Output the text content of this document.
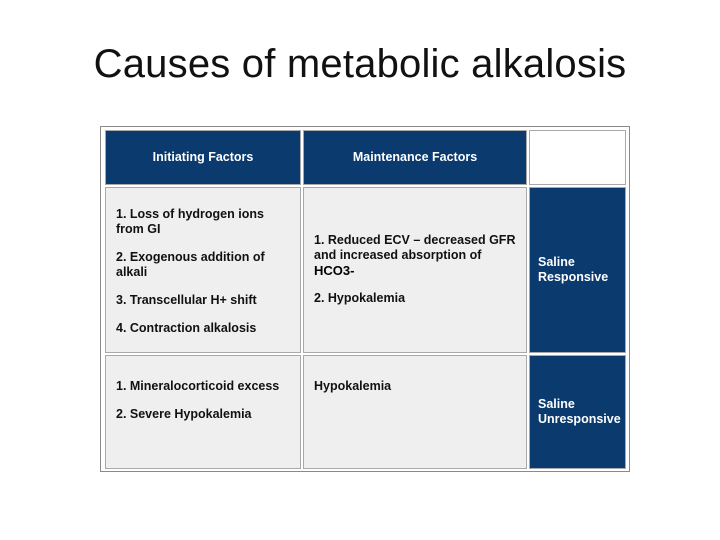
Causes of metabolic alkalosis
Initiating Factors	Maintenance Factors

1. Loss of hydrogen ions from GI

2. Exogenous addition of alkali

3. Transcellular H+ shift

4. Contraction alkalosis

1. Reduced ECV – decreased GFR and increased absorption of

HCO3-

2. Hypokalemia

Saline
Responsive

1. Mineralocorticoid excess

2. Severe Hypokalemia

Hypokalemia

Saline
Unresponsive
